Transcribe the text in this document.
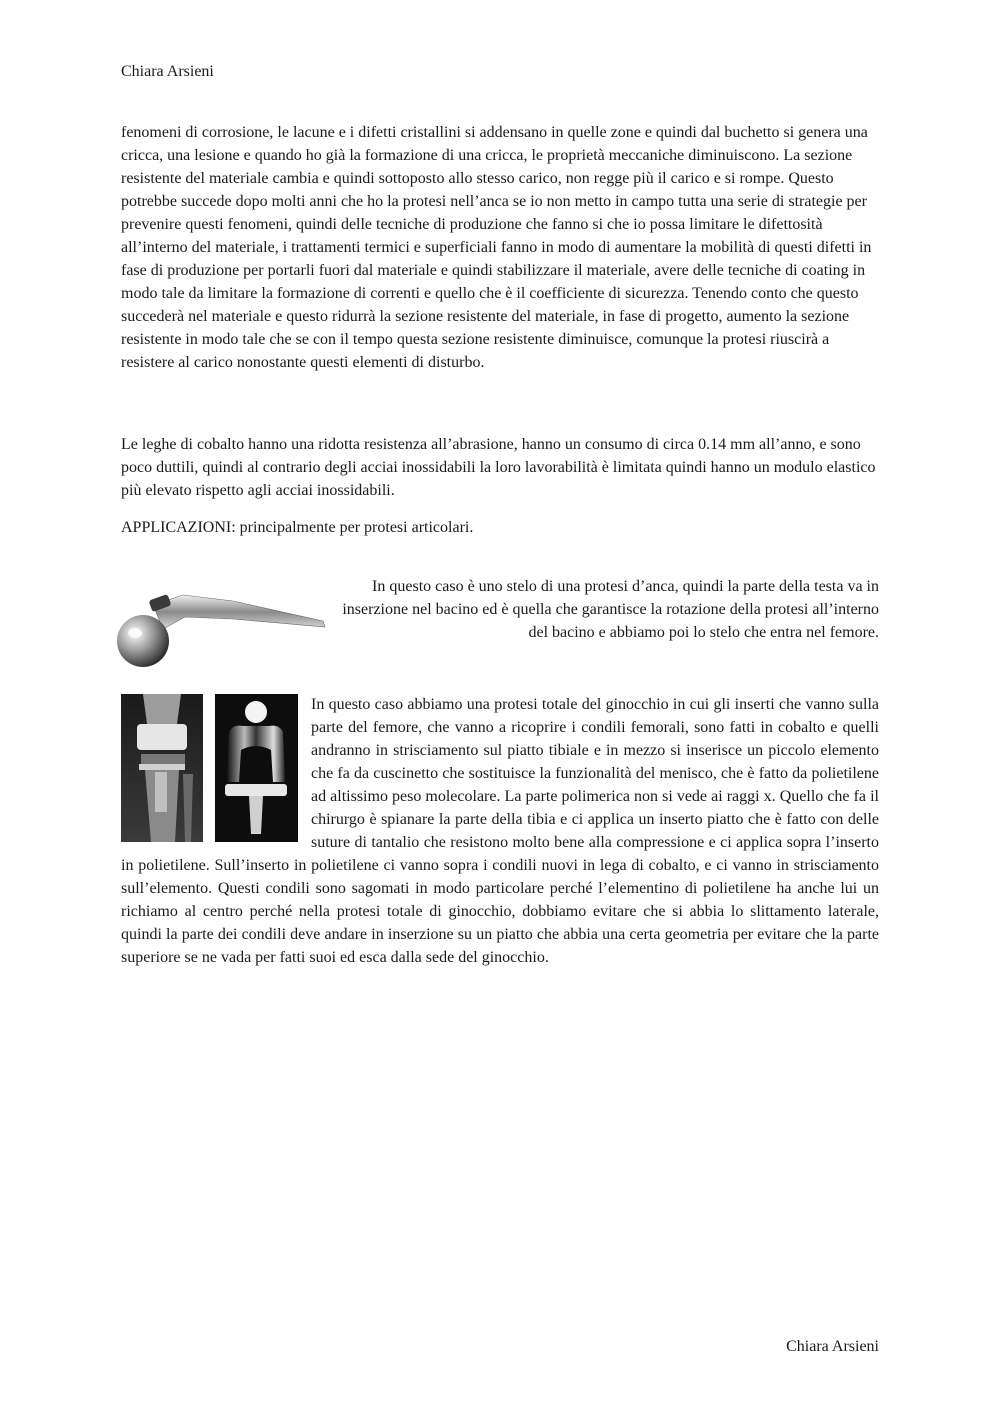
Chiara Arsieni

fenomeni di corrosione, le lacune e i difetti cristallini si addensano in quelle zone e quindi dal buchetto si genera una cricca, una lesione e quando ho già la formazione di una cricca, le proprietà meccaniche diminuiscono. La sezione resistente del materiale cambia e quindi sottoposto allo stesso carico, non regge più il carico e si rompe. Questo potrebbe succede dopo molti anni che ho la protesi nell’anca se io non metto in campo tutta una serie di strategie per prevenire questi fenomeni, quindi delle tecniche di produzione che fanno si che io possa limitare le difettosità all’interno del materiale, i trattamenti termici e superficiali fanno in modo di aumentare la mobilità di questi difetti in fase di produzione per portarli fuori dal materiale e quindi stabilizzare il materiale, avere delle tecniche di coating in modo tale da limitare la formazione di correnti e quello che è il coefficiente di sicurezza. Tenendo conto che questo succederà nel materiale e questo ridurrà la sezione resistente del materiale, in fase di progetto, aumento la sezione resistente in modo tale che se con il tempo questa sezione resistente diminuisce, comunque la protesi riuscirà a resistere al carico nonostante questi elementi di disturbo.

Le leghe di cobalto hanno una ridotta resistenza all’abrasione, hanno un consumo di circa 0.14 mm all’anno, e sono poco duttili, quindi al contrario degli acciai inossidabili la loro lavorabilità è limitata quindi hanno un modulo elastico più elevato rispetto agli acciai inossidabili.

APPLICAZIONI: principalmente per protesi articolari.

In questo caso è uno stelo di una protesi d’anca, quindi la parte della testa va in inserzione nel bacino ed è quella che garantisce la rotazione della protesi all’interno del bacino e abbiamo poi lo stelo che entra nel femore.

In questo caso abbiamo una protesi totale del ginocchio in cui gli inserti che vanno sulla parte del femore, che vanno a ricoprire i condili femorali, sono fatti in cobalto e quelli andranno in strisciamento sul piatto tibiale e in mezzo si inserisce un piccolo elemento che fa da cuscinetto che sostituisce la funzionalità del menisco, che è fatto da polietilene ad altissimo peso molecolare. La parte polimerica non si vede ai raggi x. Quello che fa il chirurgo è spianare la parte della tibia e ci applica un inserto piatto che è fatto con delle suture di tantalio che resistono molto bene alla compressione e ci applica sopra l’inserto in polietilene. Sull’inserto in polietilene ci vanno sopra i condili nuovi in lega di cobalto, e ci vanno in strisciamento sull’elemento. Questi condili sono sagomati in modo particolare perché l’elementino di polietilene ha anche lui un richiamo al centro perché nella protesi totale di ginocchio, dobbiamo evitare che si abbia lo slittamento laterale, quindi la parte dei condili deve andare in inserzione su un piatto che abbia una certa geometria per evitare che la parte superiore se ne vada per fatti suoi ed esca dalla sede del ginocchio.
Chiara Arsieni
